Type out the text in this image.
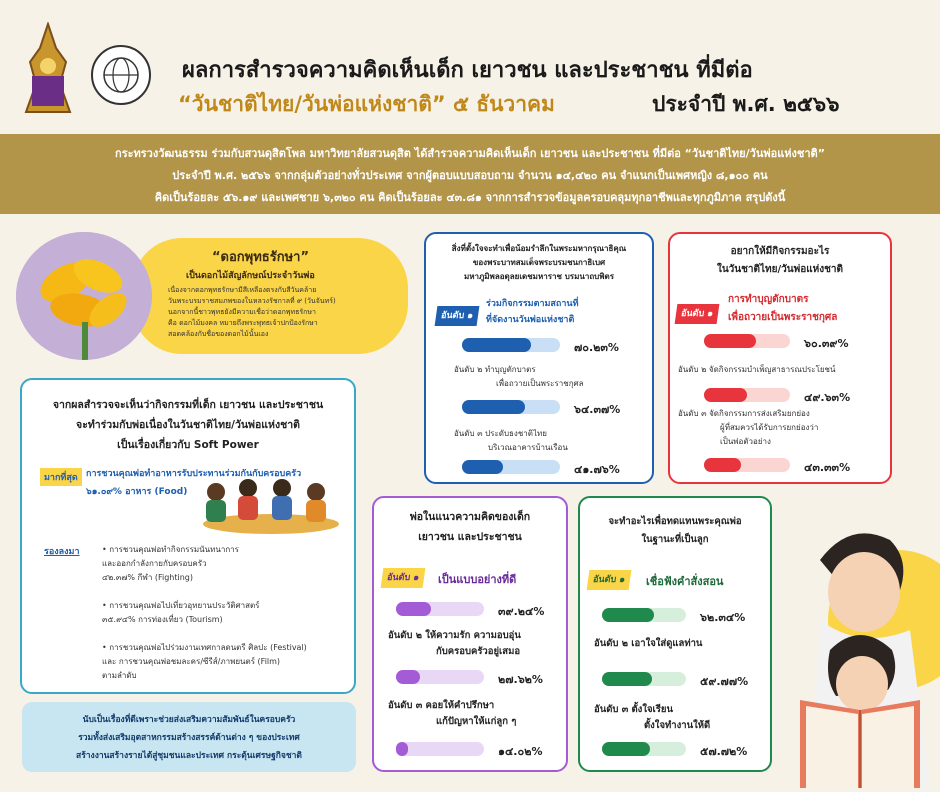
ผลการสำรวจความคิดเห็นเด็ก เยาวชน และประชาชน ที่มีต่อ
“วันชาติไทย/วันพ่อแห่งชาติ” ๕ ธันวาคม	ประจำปี พ.ศ. ๒๕๖๖
กระทรวงวัฒนธรรม ร่วมกับสวนดุสิตโพล มหาวิทยาลัยสวนดุสิต ได้สำรวจความคิดเห็นเด็ก เยาวชน และประชาชน ที่มีต่อ “วันชาติไทย/วันพ่อแห่งชาติ”
ประจำปี พ.ศ. ๒๕๖๖ จากกลุ่มตัวอย่างทั่วประเทศ จากผู้ตอบแบบสอบถาม จำนวน ๑๔,๔๒๐ คน จำแนกเป็นเพศหญิง ๘,๑๐๐ คน
คิดเป็นร้อยละ ๕๖.๑๙ และเพศชาย ๖,๓๒๐ คน คิดเป็นร้อยละ ๔๓.๘๑ จากการสำรวจข้อมูลครอบคลุมทุกอาชีพและทุกภูมิภาค สรุปดังนี้
“ดอกพุทธรักษา”
เป็นดอกไม้สัญลักษณ์ประจำวันพ่อ
เนื่องจากดอกพุทธรักษามีสีเหลืองตรงกับสีวันคล้าย
วันพระบรมราชสมภพของในหลวงรัชกาลที่ ๙ (วันจันทร์)
นอกจากนี้ชาวพุทธยังมีความเชื่อว่าดอกพุทธรักษา
คือ ดอกไม้มงคล หมายถึงพระพุทธเจ้าปกป้องรักษา
สอดคล้องกับชื่อของดอกไม้นั้นเอง
จากผลสำรวจจะเห็นว่ากิจกรรมที่เด็ก เยาวชน และประชาชน
จะทำร่วมกับพ่อเนื่องในวันชาติไทย/วันพ่อแห่งชาติ
เป็นเรื่องเกี่ยวกับ Soft Power
มากที่สุด การชวนคุณพ่อทำอาหารรับประทานร่วมกันกับครอบครัว
๖๑.๐๙% อาหาร (Food)
รองลงมา	• การชวนคุณพ่อทำกิจกรรมนันทนาการ
และออกกำลังกายกับครอบครัว
๔๒.๓๗% กีฬา (Fighting)
• การชวนคุณพ่อไปเที่ยวอุทยานประวัติศาสตร์
๓๕.๙๔% การท่องเที่ยว (Tourism)
• การชวนคุณพ่อไปร่วมงานเทศกาลดนตรี ศิลปะ (Festival)
และ การชวนคุณพ่อชมละคร/ซีรีส์/ภาพยนตร์ (Film)
ตามลำดับ
นับเป็นเรื่องที่ดีเพราะช่วยส่งเสริมความสัมพันธ์ในครอบครัว
รวมทั้งส่งเสริมอุตสาหกรรมสร้างสรรค์ด้านต่าง ๆ ของประเทศ
สร้างงานสร้างรายได้สู่ชุมชนและประเทศ กระตุ้นเศรษฐกิจชาติ
สิ่งที่ตั้งใจจะทำเพื่อน้อมรำลึกในพระมหากรุณาธิคุณ
ของพระบาทสมเด็จพระบรมชนกาธิเบศ
มหาภูมิพลอดุลยเดชมหาราช บรมนาถบพิตร
อันดับ ๑
ร่วมกิจกรรมตามสถานที่
ที่จัดงานวันพ่อแห่งชาติ
๗๐.๒๓%
อันดับ ๒ ทำบุญตักบาตร
เพื่อถวายเป็นพระราชกุศล
๖๔.๓๗%
อันดับ ๓ ประดับธงชาติไทย
บริเวณอาคารบ้านเรือน
๔๑.๗๖%
อยากให้มีกิจกรรมอะไร
ในวันชาติไทย/วันพ่อแห่งชาติ
อันดับ ๑
การทำบุญตักบาตร
เพื่อถวายเป็นพระราชกุศล
๖๐.๓๙%
อันดับ ๒ จัดกิจกรรมบำเพ็ญสาธารณประโยชน์
๔๙.๖๓%
อันดับ ๓ จัดกิจกรรมการส่งเสริมยกย่อง
ผู้ที่สมควรได้รับการยกย่องว่า
เป็นพ่อตัวอย่าง
๔๓.๓๓%
พ่อในแนวความคิดของเด็ก
เยาวชน และประชาชน
อันดับ ๑	เป็นแบบอย่างที่ดี
๓๙.๒๔%
อันดับ ๒ ให้ความรัก ความอบอุ่น
กับครอบครัวอยู่เสมอ
๒๗.๖๒%
อันดับ ๓ คอยให้คำปรึกษา
แก้ปัญหาให้แก่ลูก ๆ
๑๔.๐๒%
จะทำอะไรเพื่อทดแทนพระคุณพ่อ
ในฐานะที่เป็นลูก
อันดับ ๑	เชื่อฟังคำสั่งสอน
๖๒.๓๔%
อันดับ ๒ เอาใจใส่ดูแลท่าน
๕๙.๗๗%
อันดับ ๓ ตั้งใจเรียน
ตั้งใจทำงานให้ดี
๕๗.๗๒%
